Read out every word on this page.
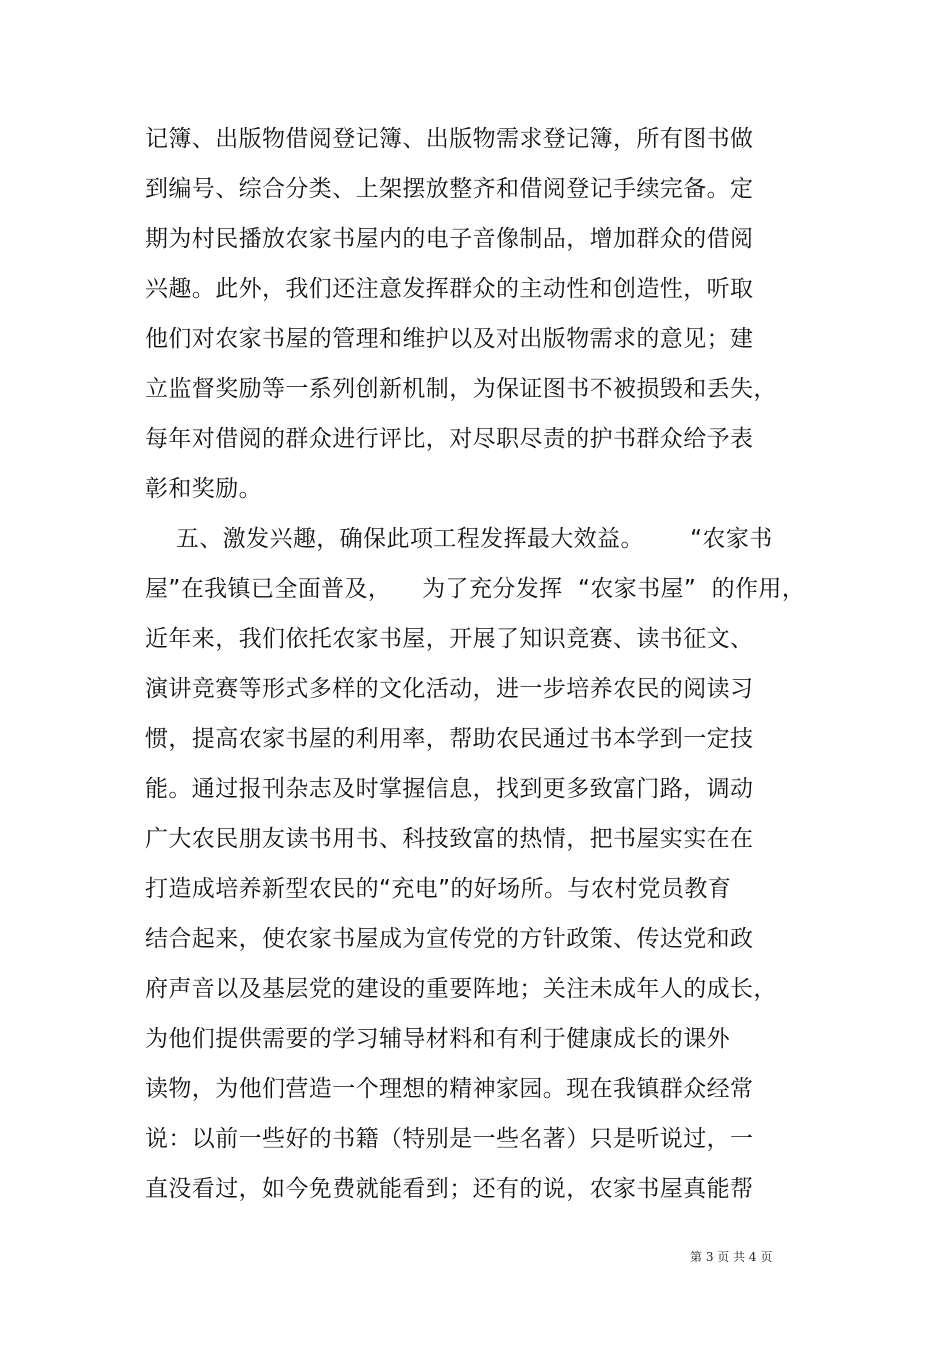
记簿、出版物借阅登记簿、出版物需求登记簿，所有图书做
到编号、综合分类、上架摆放整齐和借阅登记手续完备。定
期为村民播放农家书屋内的电子音像制品，增加群众的借阅
兴趣。此外，我们还注意发挥群众的主动性和创造性，听取
他们对农家书屋的管理和维护以及对出版物需求的意见；建
立监督奖励等一系列创新机制，为保证图书不被损毁和丢失，
每年对借阅的群众进行评比，对尽职尽责的护书群众给予表
彰和奖励。
五、激发兴趣，确保此项工程发挥最大效益。      “农家书
屋”在我镇已全面普及，    为了充分发挥  “农家书屋”  的作用，
近年来，我们依托农家书屋，开展了知识竞赛、读书征文、
演讲竞赛等形式多样的文化活动，进一步培养农民的阅读习
惯，提高农家书屋的利用率，帮助农民通过书本学到一定技
能。通过报刊杂志及时掌握信息，找到更多致富门路，调动
广大农民朋友读书用书、科技致富的热情，把书屋实实在在
打造成培养新型农民的“充电”的好场所。与农村党员教育
结合起来，使农家书屋成为宣传党的方针政策、传达党和政
府声音以及基层党的建设的重要阵地；关注未成年人的成长，
为他们提供需要的学习辅导材料和有利于健康成长的课外
读物，为他们营造一个理想的精神家园。现在我镇群众经常
说：以前一些好的书籍（特别是一些名著）只是听说过，一
直没看过，如今免费就能看到；还有的说，农家书屋真能帮
第 3 页 共 4 页
